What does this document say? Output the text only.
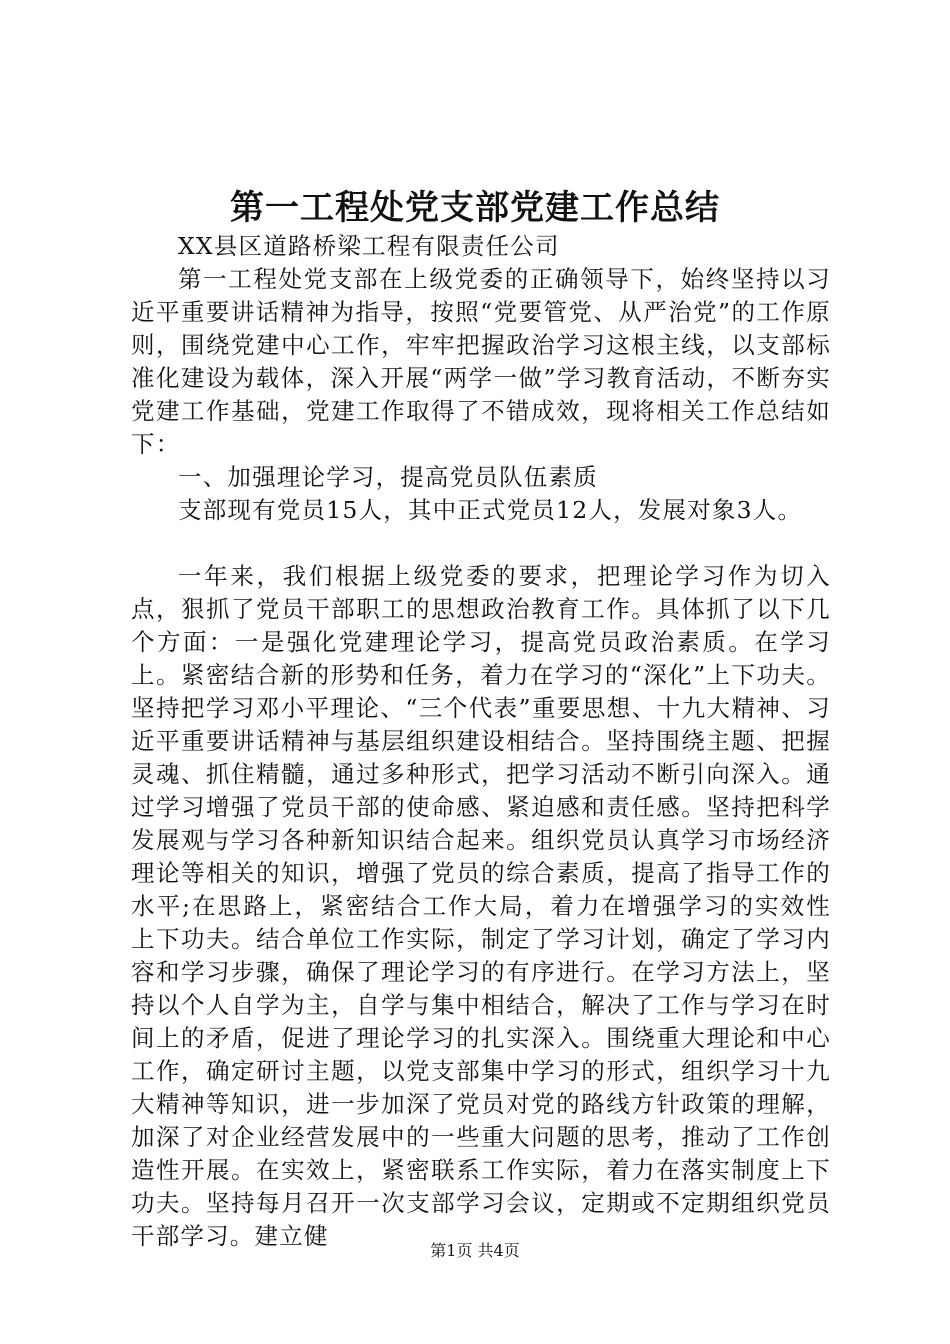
第一工程处党支部党建工作总结

XX县区道路桥梁工程有限责任公司

第一工程处党支部在上级党委的正确领导下，始终坚持以习近平重要讲话精神为指导，按照“党要管党、从严治党”的工作原则，围绕党建中心工作，牢牢把握政治学习这根主线，以支部标准化建设为载体，深入开展“两学一做”学习教育活动，不断夯实党建工作基础，党建工作取得了不错成效，现将相关工作总结如下：

一、加强理论学习，提高党员队伍素质

支部现有党员15人，其中正式党员12人，发展对象3人。

一年来，我们根据上级党委的要求，把理论学习作为切入点，狠抓了党员干部职工的思想政治教育工作。具体抓了以下几个方面：一是强化党建理论学习，提高党员政治素质。在学习上。紧密结合新的形势和任务，着力在学习的“深化”上下功夫。坚持把学习邓小平理论、“三个代表”重要思想、十九大精神、习近平重要讲话精神与基层组织建设相结合。坚持围绕主题、把握灵魂、抓住精髓，通过多种形式，把学习活动不断引向深入。通过学习增强了党员干部的使命感、紧迫感和责任感。坚持把科学发展观与学习各种新知识结合起来。组织党员认真学习市场经济理论等相关的知识，增强了党员的综合素质，提高了指导工作的水平;在思路上，紧密结合工作大局，着力在增强学习的实效性上下功夫。结合单位工作实际，制定了学习计划，确定了学习内容和学习步骤，确保了理论学习的有序进行。在学习方法上，坚持以个人自学为主，自学与集中相结合，解决了工作与学习在时间上的矛盾，促进了理论学习的扎实深入。围绕重大理论和中心工作，确定研讨主题，以党支部集中学习的形式，组织学习十九大精神等知识，进一步加深了党员对党的路线方针政策的理解，加深了对企业经营发展中的一些重大问题的思考，推动了工作创造性开展。在实效上，紧密联系工作实际，着力在落实制度上下功夫。坚持每月召开一次支部学习会议，定期或不定期组织党员干部学习。建立健

第1页 共4页
